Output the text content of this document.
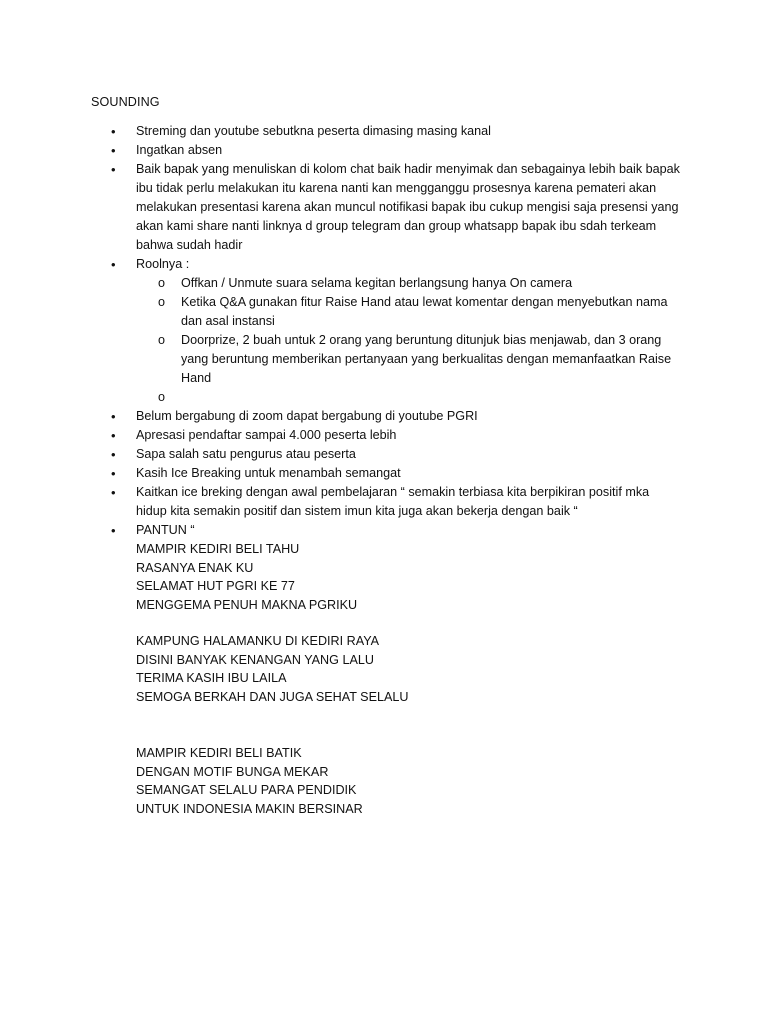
SOUNDING
• Streming dan youtube sebutkna peserta dimasing masing kanal
• Ingatkan absen
• Baik bapak yang menuliskan di kolom chat baik hadir menyimak dan sebagainya lebih baik bapak ibu tidak perlu melakukan itu karena nanti kan mengganggu prosesnya karena pemateri akan melakukan presentasi karena akan muncul notifikasi bapak ibu cukup mengisi saja presensi yang akan kami share nanti linknya d group telegram dan group whatsapp bapak ibu sdah terkeam bahwa sudah hadir
• Roolnya :
o Offkan / Unmute suara selama kegitan berlangsung hanya On camera
o Ketika Q&A gunakan fitur Raise Hand atau lewat komentar dengan menyebutkan nama dan asal instansi
o Doorprize, 2 buah untuk 2 orang yang beruntung ditunjuk bias menjawab, dan 3 orang yang beruntung memberikan pertanyaan yang berkualitas dengan memanfaatkan Raise Hand
o

• Belum bergabung di zoom dapat bergabung di youtube PGRI
• Apresasi pendaftar sampai 4.000 peserta lebih
• Sapa salah satu pengurus atau peserta
• Kasih Ice Breaking untuk menambah semangat
• Kaitkan ice breking dengan awal pembelajaran “ semakin terbiasa kita berpikiran positif mka hidup kita semakin positif dan sistem imun kita juga akan bekerja dengan baik “
• PANTUN “
MAMPIR KEDIRI BELI TAHU
RASANYA ENAK KU
SELAMAT HUT PGRI KE 77
MENGGEMA PENUH MAKNA PGRIKU
KAMPUNG HALAMANKU DI KEDIRI RAYA
DISINI BANYAK KENANGAN YANG LALU
TERIMA KASIH IBU LAILA
SEMOGA BERKAH DAN JUGA SEHAT SELALU
MAMPIR KEDIRI BELI BATIK
DENGAN MOTIF BUNGA MEKAR
SEMANGAT SELALU PARA PENDIDIK
UNTUK INDONESIA MAKIN BERSINAR
